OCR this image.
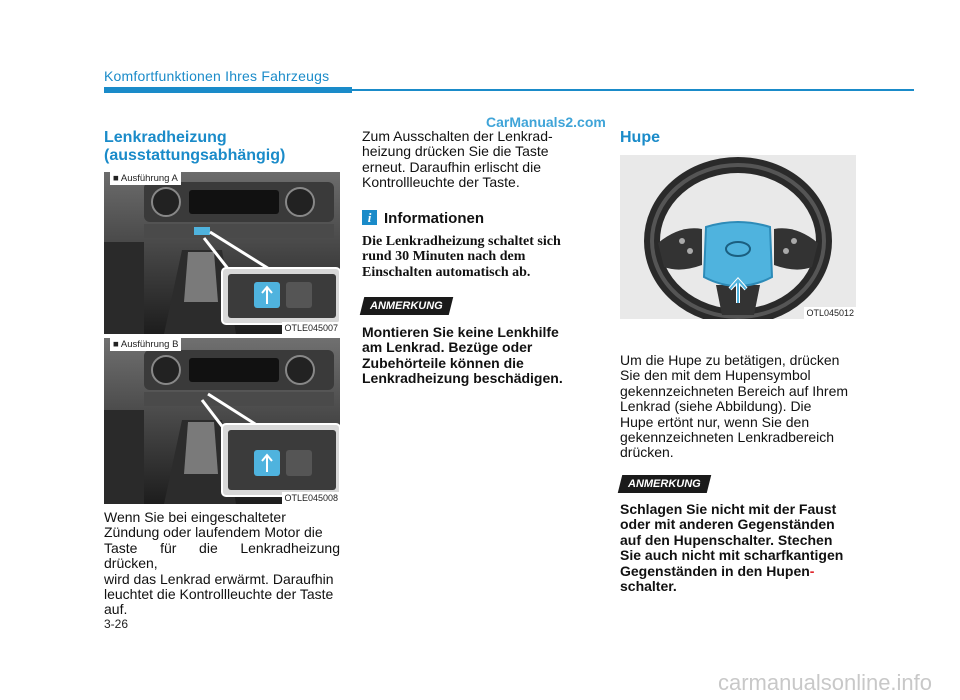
Komfortfunktionen Ihres Fahrzeugs
Lenkradheizung
(ausstattungsabhängig)
■ Ausführung A
OTLE045007
■ Ausführung B
OTLE045008
Wenn Sie bei eingeschalteter
Zündung oder laufendem Motor die
Taste für die Lenkradheizung drücken,
wird das Lenkrad erwärmt. Daraufhin
leuchtet die Kontrollleuchte der Taste
auf.
Zum Ausschalten der Lenkrad-
heizung drücken Sie die Taste
erneut. Daraufhin erlischt die
Kontrollleuchte der Taste.
CarManuals2.com
i Informationen
Die Lenkradheizung schaltet sich
rund 30 Minuten nach dem
Einschalten automatisch ab.
ANMERKUNG
Montieren Sie keine Lenkhilfe
am Lenkrad. Bezüge oder
Zubehörteile können die
Lenkradheizung beschädigen.
Hupe
OTL045012
Um die Hupe zu betätigen, drücken
Sie den mit dem Hupensymbol
gekennzeichneten Bereich auf Ihrem
Lenkrad (siehe Abbildung). Die
Hupe ertönt nur, wenn Sie den
gekennzeichneten Lenkradbereich
drücken.
ANMERKUNG
Schlagen Sie nicht mit der Faust
oder mit anderen Gegenständen
auf den Hupenschalter. Stechen
Sie auch nicht mit scharfkantigen
Gegenständen in den Hupen-
schalter.
3-26
carmanualsonline.info
